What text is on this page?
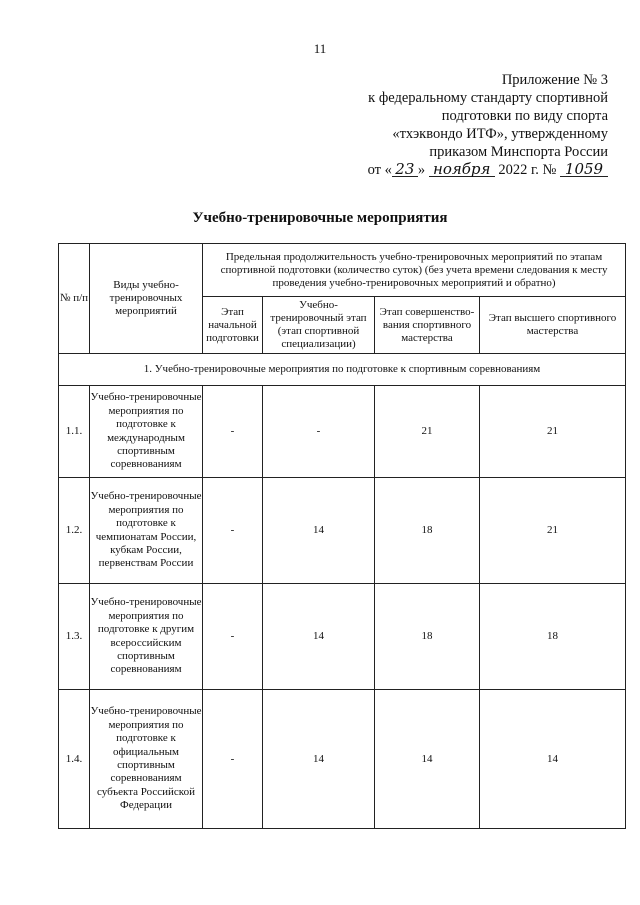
11
Приложение № 3
к федеральному стандарту спортивной
подготовки по виду спорта
«тхэквондо ИТФ», утвержденному
приказом Минспорта России
от « 23 » ноября 2022 г. № 1059
Учебно-тренировочные мероприятия
№ п/п	Виды учебно-тренировочных мероприятий	Предельная продолжительность учебно-тренировочных мероприятий по этапам спортивной подготовки (количество суток) (без учета времени следования к месту проведения учебно-тренировочных мероприятий и обратно)			
		Этап начальной подготовки	Учебно-тренировочный этап (этап спортивной специализации)	Этап совершенство-вания спортивного мастерства	Этап высшего спортивного мастерства
1. Учебно-тренировочные мероприятия по подготовке к спортивным соревнованиям					
1.1.	Учебно-тренировочные мероприятия по подготовке к международным спортивным соревнованиям	-	-	21	21
1.2.	Учебно-тренировочные мероприятия по подготовке к чемпионатам России, кубкам России, первенствам России	-	14	18	21
1.3.	Учебно-тренировочные мероприятия по подготовке к другим всероссийским спортивным соревнованиям	-	14	18	18
1.4.	Учебно-тренировочные мероприятия по подготовке к официальным спортивным соревнованиям субъекта Российской Федерации	-	14	14	14
